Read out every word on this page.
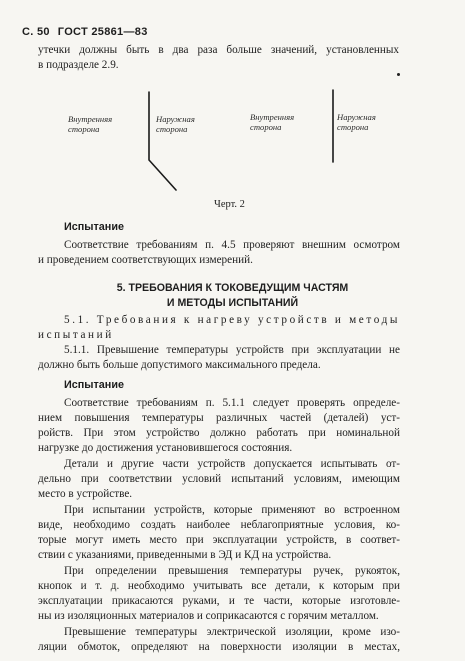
С. 50 ГОСТ 25861—83
утечки должны быть в два раза больше значений, установленных
в подразделе 2.9.
Внутренняя
сторона
Наружная
сторона
Внутренняя
сторона
Наружная
сторона
Черт. 2
Испытание
Соответствие требованиям п. 4.5 проверяют внешним осмотром
и проведением соответствующих измерений.
5. ТРЕБОВАНИЯ К ТОКОВЕДУЩИМ ЧАСТЯМ
И МЕТОДЫ ИСПЫТАНИЙ
5.1. Требования к нагреву устройств и методы
испытаний
5.1.1. Превышение температуры устройств при эксплуатации не
должно быть больше допустимого максимального предела.
Испытание
Соответствие требованиям п. 5.1.1 следует проверять определе-
нием повышения температуры различных частей (деталей) уст-
ройств. При этом устройство должно работать при номинальной
нагрузке до достижения установившегося состояния.
Детали и другие части устройств допускается испытывать от-
дельно при соответствии условий испытаний условиям, имеющим
место в устройстве.
При испытании устройств, которые применяют во встроенном
виде, необходимо создать наиболее неблагоприятные условия, ко-
торые могут иметь место при эксплуатации устройств, в соответ-
ствии с указаниями, приведенными в ЭД и КД на устройства.
При определении превышения температуры ручек, рукояток,
кнопок и т. д. необходимо учитывать все детали, к которым при
эксплуатации прикасаются руками, и те части, которые изготовле-
ны из изоляционных материалов и соприкасаются с горячим металлом.
Превышение температуры электрической изоляции, кроме изо-
ляции обмоток, определяют на поверхности изоляции в местах,
